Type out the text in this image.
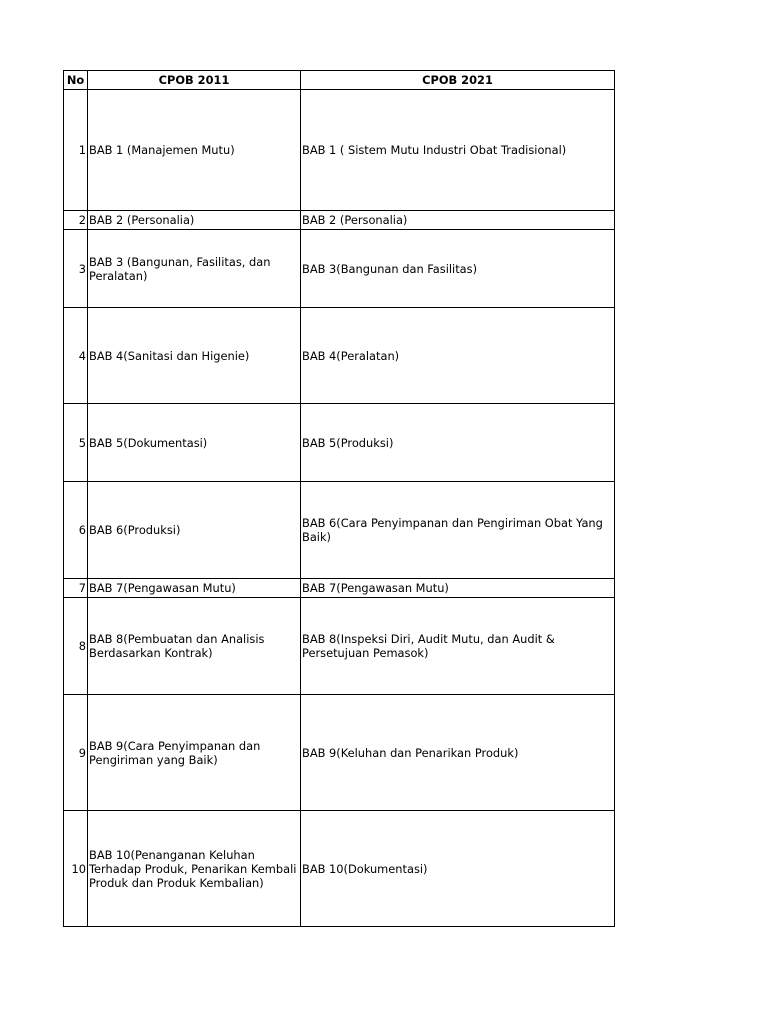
No	CPOB 2011	CPOB 2021
1	BAB 1 (Manajemen Mutu)	BAB 1 ( Sistem Mutu Industri Obat Tradisional)
2	BAB 2 (Personalia)	BAB 2 (Personalia)
3	BAB 3 (Bangunan, Fasilitas, dan Peralatan)	BAB 3(Bangunan dan Fasilitas)
4	BAB 4(Sanitasi dan Higenie)	BAB 4(Peralatan)
5	BAB 5(Dokumentasi)	BAB 5(Produksi)
6	BAB 6(Produksi)	BAB 6(Cara Penyimpanan dan Pengiriman Obat Yang Baik)
7	BAB 7(Pengawasan Mutu)	BAB 7(Pengawasan Mutu)
8	BAB 8(Pembuatan dan Analisis Berdasarkan Kontrak)	BAB 8(Inspeksi Diri, Audit Mutu, dan Audit & Persetujuan Pemasok)
9	BAB 9(Cara Penyimpanan dan Pengiriman yang Baik)	BAB 9(Keluhan dan Penarikan Produk)
10	BAB 10(Penanganan Keluhan Terhadap Produk, Penarikan Kembali Produk dan Produk Kembalian)	BAB 10(Dokumentasi)
